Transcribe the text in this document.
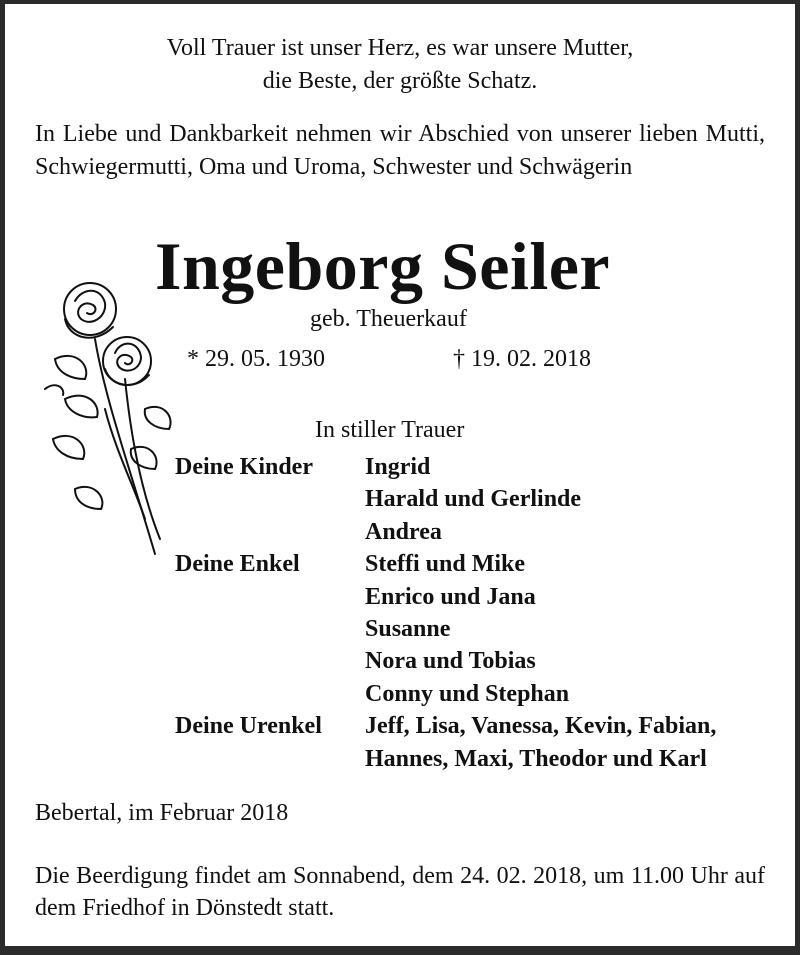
Voll Trauer ist unser Herz, es war unsere Mutter,
die Beste, der größte Schatz.
In Liebe und Dankbarkeit nehmen wir Abschied von unserer lieben Mutti, Schwiegermutti, Oma und Uroma, Schwester und Schwägerin
Ingeborg Seiler
geb. Theuerkauf
* 29. 05. 1930	† 19. 02. 2018
In stiller Trauer
Deine Kinder Ingrid
Harald und Gerlinde
Andrea
Deine Enkel	Steffi und Mike
Enrico und Jana
Susanne
Nora und Tobias
Conny und Stephan
Deine Urenkel Jeff, Lisa, Vanessa, Kevin, Fabian,
Hannes, Maxi, Theodor und Karl
Bebertal, im Februar 2018
Die Beerdigung findet am Sonnabend, dem 24. 02. 2018, um 11.00 Uhr auf dem Friedhof in Dönstedt statt.
